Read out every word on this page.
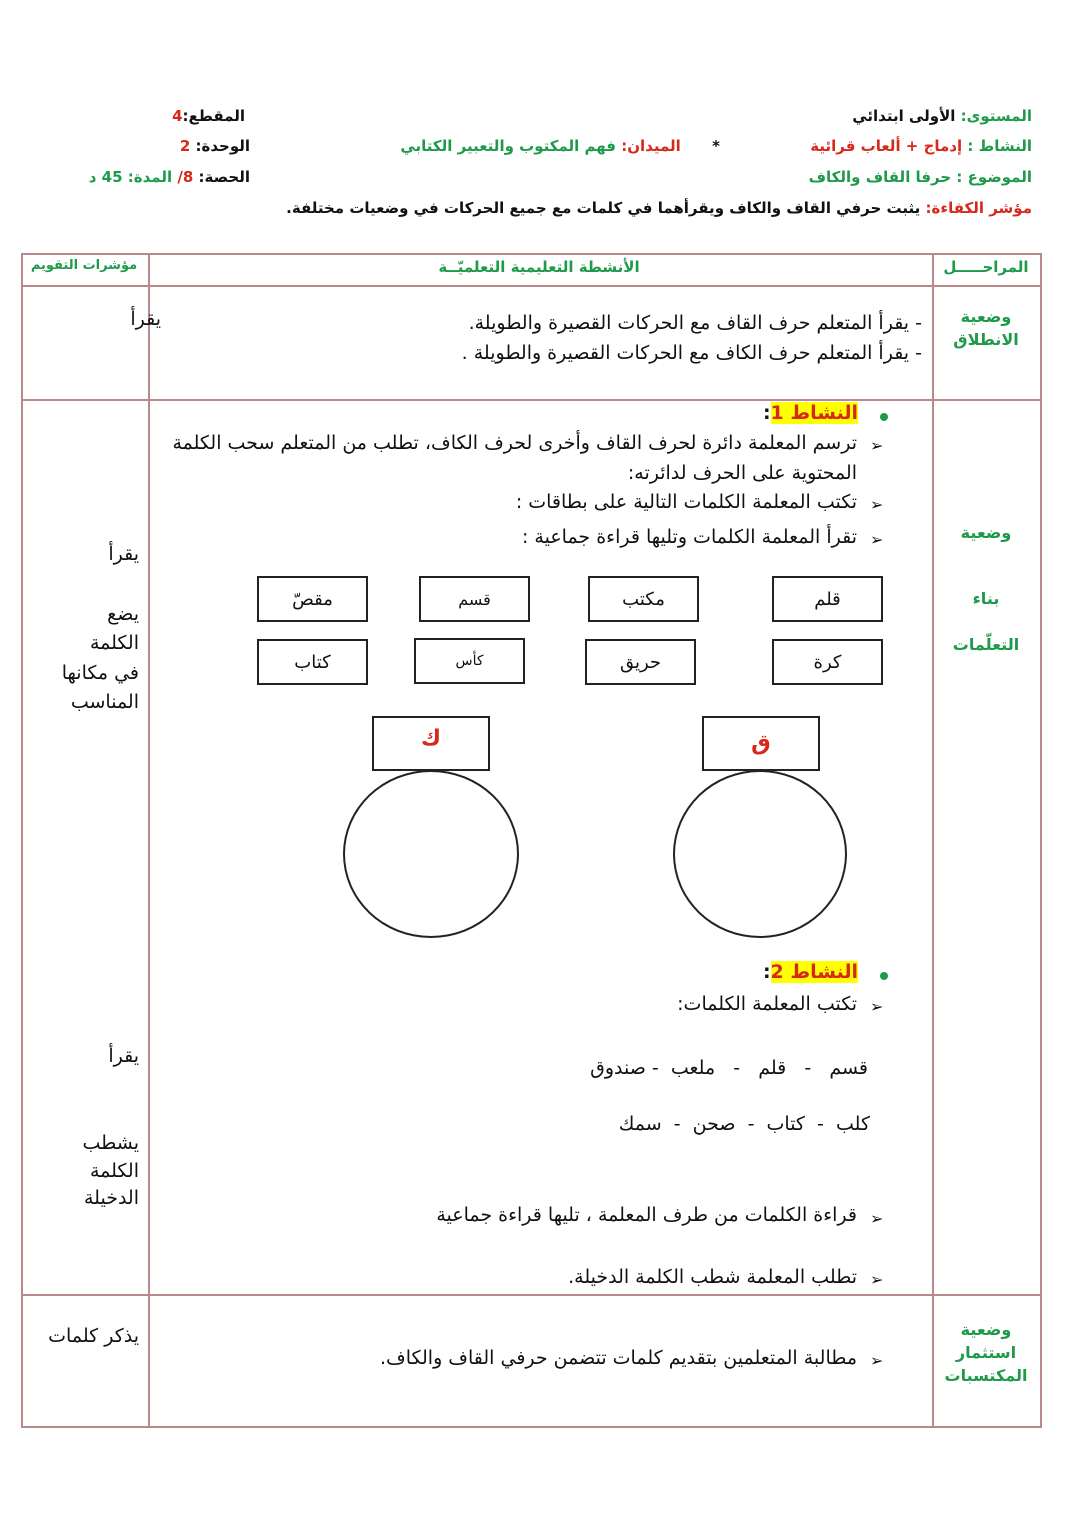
المستوى: الأولى ابتدائي
النشاط : إدماج + ألعاب قرائية
الموضوع : حرفا القاف والكاف
مؤشر الكفاءة: يثبت حرفي القاف والكاف ويقرأهما في كلمات مع جميع الحركات في وضعيات مختلفة.
*      الميدان: فهم المكتوب والتعبير الكتابي
المقطع:4
الوحدة: 2
الحصة: 8/ المدة: 45 د
المراحـــــل
الأنشطة التعليمية التعلميّــة
مؤشرات التقويم
وضعية
الانطلاق
- يقرأ المتعلم حرف القاف مع الحركات القصيرة والطويلة.
- يقرأ المتعلم حرف الكاف مع الحركات القصيرة والطويلة .
يقرأ
وضعية
بناء
التعلّمات
النشاط 1:
➢
ترسم المعلمة دائرة لحرف القاف وأخرى لحرف الكاف، تطلب من المتعلم سحب الكلمة
المحتوية على الحرف لدائرته:
➢
تكتب المعلمة الكلمات التالية على بطاقات :
➢
تقرأ المعلمة الكلمات وتليها قراءة جماعية :
قلم
مكتب
قسم
مقصّ
كرة
حريق
كأس
كتاب
ق
ك
يقرأ
يضع
الكلمة
في مكانها
المناسب
النشاط 2:
➢
تكتب المعلمة الكلمات:
قسم   -   قلم   -   ملعب  - صندوق
كلب  -  كتاب  -  صحن  -  سمك
➢
قراءة الكلمات من طرف المعلمة ، تليها قراءة جماعية
➢
تطلب المعلمة شطب الكلمة الدخيلة.
يقرأ
يشطب
الكلمة
الدخيلة
وضعية
استثمار
المكتسبات
➢
مطالبة المتعلمين بتقديم كلمات تتضمن حرفي القاف والكاف.
يذكر كلمات
